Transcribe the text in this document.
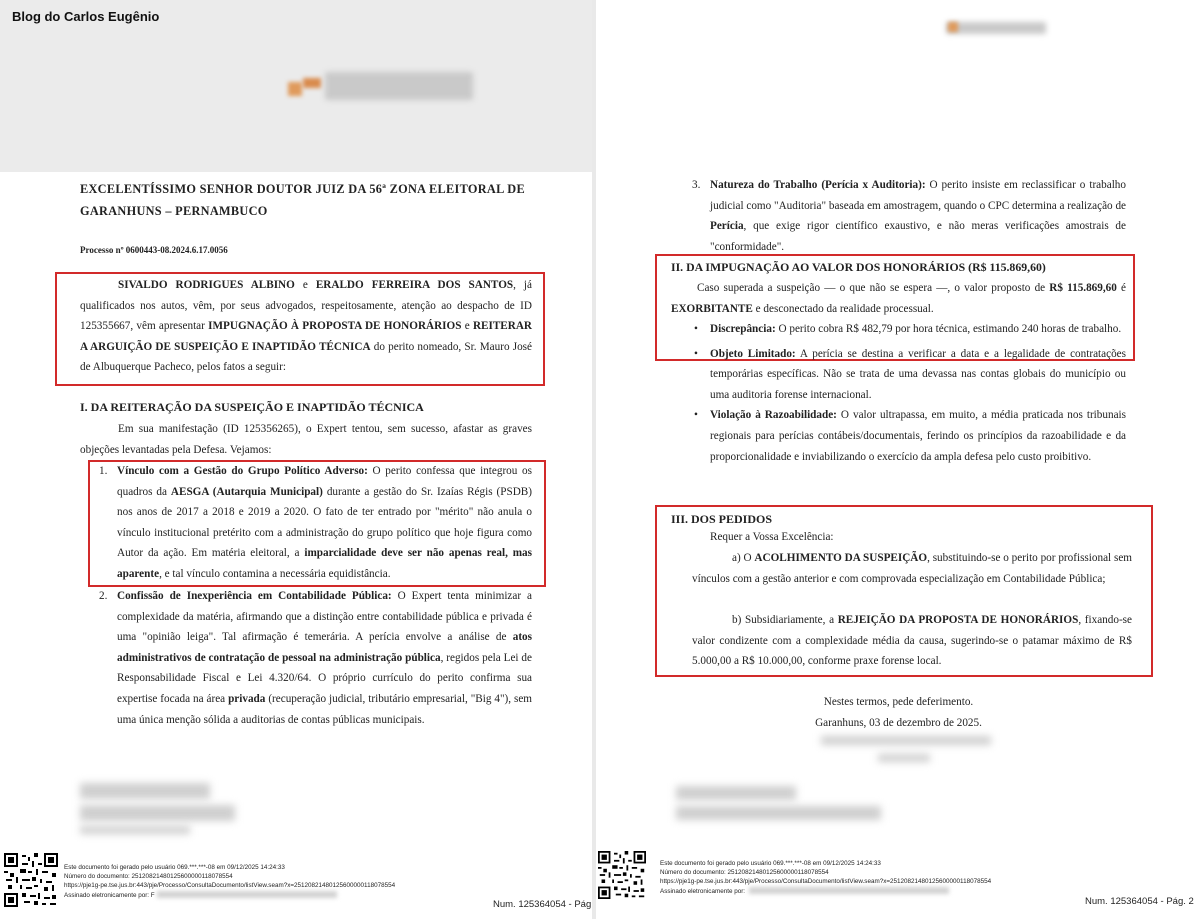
Blog do Carlos Eugênio
EXCELENTÍSSIMO SENHOR DOUTOR JUIZ DA 56ª ZONA ELEITORAL DE
GARANHUNS – PERNAMBUCO
Processo nº 0600443-08.2024.6.17.0056

SIVALDO RODRIGUES ALBINO e ERALDO FERREIRA DOS SANTOS, já qualificados nos autos, vêm, por seus advogados, respeitosamente, atenção ao despacho de ID 125355667, vêm apresentar IMPUGNAÇÃO À PROPOSTA DE HONORÁRIOS e REITERAR A ARGUIÇÃO DE SUSPEIÇÃO E INAPTIDÃO TÉCNICA do perito nomeado, Sr. Mauro José de Albuquerque Pacheco, pelos fatos a seguir:

I. DA REITERAÇÃO DA SUSPEIÇÃO E INAPTIDÃO TÉCNICA

Em sua manifestação (ID 125356265), o Expert tentou, sem sucesso, afastar as graves objeções levantadas pela Defesa. Vejamos:

1. Vínculo com a Gestão do Grupo Político Adverso: O perito confessa que integrou os quadros da AESGA (Autarquia Municipal) durante a gestão do Sr. Izaías Régis (PSDB) nos anos de 2017 a 2018 e 2019 a 2020. O fato de ter entrado por "mérito" não anula o vínculo institucional pretérito com a administração do grupo político que hoje figura como Autor da ação. Em matéria eleitoral, a imparcialidade deve ser não apenas real, mas aparente, e tal vínculo contamina a necessária equidistância.

2. Confissão de Inexperiência em Contabilidade Pública: O Expert tenta minimizar a complexidade da matéria, afirmando que a distinção entre contabilidade pública e privada é uma "opinião leiga". Tal afirmação é temerária. A perícia envolve a análise de atos administrativos de contratação de pessoal na administração pública, regidos pela Lei de Responsabilidade Fiscal e Lei 4.320/64. O próprio currículo do perito confirma sua expertise focada na área privada (recuperação judicial, tributário empresarial, "Big 4"), sem uma única menção sólida a auditorias de contas públicas municipais.

Este documento foi gerado pelo usuário 069.***.***-08 em 09/12/2025 14:24:33
Número do documento: 25120821480125600000118078554
https://pje1g-pe.tse.jus.br:443/pje/Processo/ConsultaDocumento/listView.seam?x=25120821480125600000118078554
Assinado eletronicamente por: F
Num. 125364054 - Pág

3. Natureza do Trabalho (Perícia x Auditoria): O perito insiste em reclassificar o trabalho judicial como "Auditoria" baseada em amostragem, quando o CPC determina a realização de Perícia, que exige rigor científico exaustivo, e não meras verificações amostrais de "conformidade".

II. DA IMPUGNAÇÃO AO VALOR DOS HONORÁRIOS (R$ 115.869,60)

Caso superada a suspeição — o que não se espera —, o valor proposto de R$ 115.869,60 é EXORBITANTE e desconectado da realidade processual.

• Discrepância: O perito cobra R$ 482,79 por hora técnica, estimando 240 horas de trabalho.
• Objeto Limitado: A perícia se destina a verificar a data e a legalidade de contratações temporárias específicas. Não se trata de uma devassa nas contas globais do município ou uma auditoria forense internacional.
• Violação à Razoabilidade: O valor ultrapassa, em muito, a média praticada nos tribunais regionais para perícias contábeis/documentais, ferindo os princípios da razoabilidade e da proporcionalidade e inviabilizando o exercício da ampla defesa pelo custo proibitivo.
III. DOS PEDIDOS

Requer a Vossa Excelência:

a) O ACOLHIMENTO DA SUSPEIÇÃO, substituindo-se o perito por profissional sem vínculos com a gestão anterior e com comprovada especialização em Contabilidade Pública;

b) Subsidiariamente, a REJEIÇÃO DA PROPOSTA DE HONORÁRIOS, fixando-se valor condizente com a complexidade média da causa, sugerindo-se o patamar máximo de R$ 5.000,00 a R$ 10.000,00, conforme praxe forense local.

Nestes termos, pede deferimento.
Garanhuns, 03 de dezembro de 2025.
Este documento foi gerado pelo usuário 069.***.***-08 em 09/12/2025 14:24:33
Número do documento: 25120821480125600000118078554
https://pje1g-pe.tse.jus.br:443/pje/Processo/ConsultaDocumento/listView.seam?x=25120821480125600000118078554
Assinado eletronicamente por:
Num. 125364054 - Pág. 2
